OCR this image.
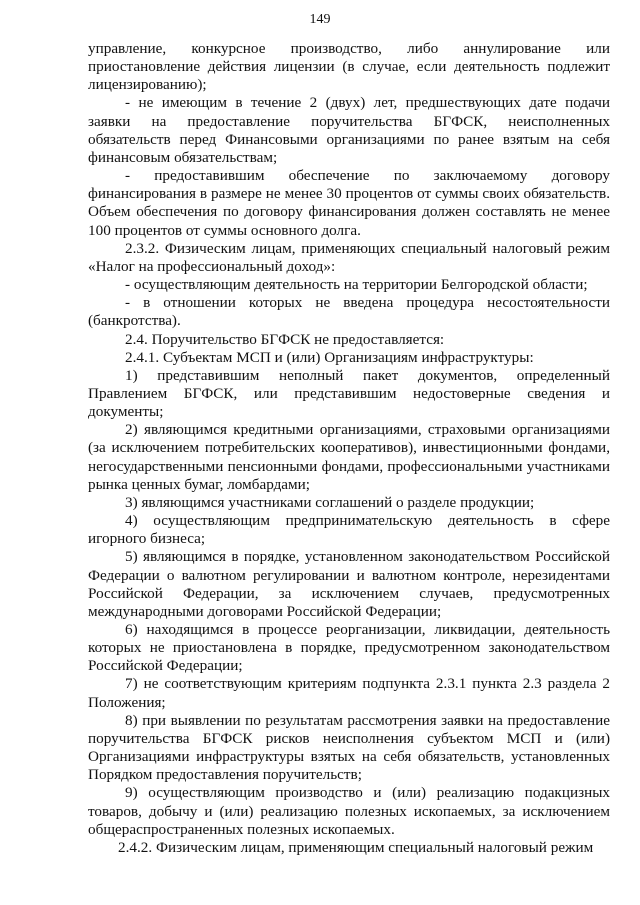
149

управление, конкурсное производство, либо аннулирование или приостановление действия лицензии (в случае, если деятельность подлежит лицензированию);

- не имеющим в течение 2 (двух) лет, предшествующих дате подачи заявки на предоставление поручительства БГФСК, неисполненных обязательств перед Финансовыми организациями по ранее взятым на себя финансовым обязательствам;

- предоставившим обеспечение по заключаемому договору финансирования в размере не менее 30 процентов от суммы своих обязательств. Объем обеспечения по договору финансирования должен составлять не менее 100 процентов от суммы основного долга.

2.3.2. Физическим лицам, применяющих специальный налоговый режим «Налог на профессиональный доход»:

- осуществляющим деятельность на территории Белгородской области;

- в отношении которых не введена процедура несостоятельности (банкротства).

2.4. Поручительство БГФСК не предоставляется:

2.4.1. Субъектам МСП и (или) Организациям инфраструктуры:

1) представившим неполный пакет документов, определенный Правлением БГФСК, или представившим недостоверные сведения и документы;

2) являющимся кредитными организациями, страховыми организациями (за исключением потребительских кооперативов), инвестиционными фондами, негосударственными пенсионными фондами, профессиональными участниками рынка ценных бумаг, ломбардами;

3) являющимся участниками соглашений о разделе продукции;

4) осуществляющим предпринимательскую деятельность в сфере игорного бизнеса;

5) являющимся в порядке, установленном законодательством Российской Федерации о валютном регулировании и валютном контроле, нерезидентами Российской Федерации, за исключением случаев, предусмотренных международными договорами Российской Федерации;

6) находящимся в процессе реорганизации, ликвидации, деятельность которых не приостановлена в порядке, предусмотренном законодательством Российской Федерации;

7) не соответствующим критериям подпункта 2.3.1 пункта 2.3 раздела 2 Положения;

8) при выявлении по результатам рассмотрения заявки на предоставление поручительства БГФСК рисков неисполнения субъектом МСП и (или) Организациями инфраструктуры взятых на себя обязательств, установленных Порядком предоставления поручительств;

9) осуществляющим производство и (или) реализацию подакцизных товаров, добычу и (или) реализацию полезных ископаемых, за исключением общераспространенных полезных ископаемых.

2.4.2. Физическим лицам, применяющим специальный налоговый режим
